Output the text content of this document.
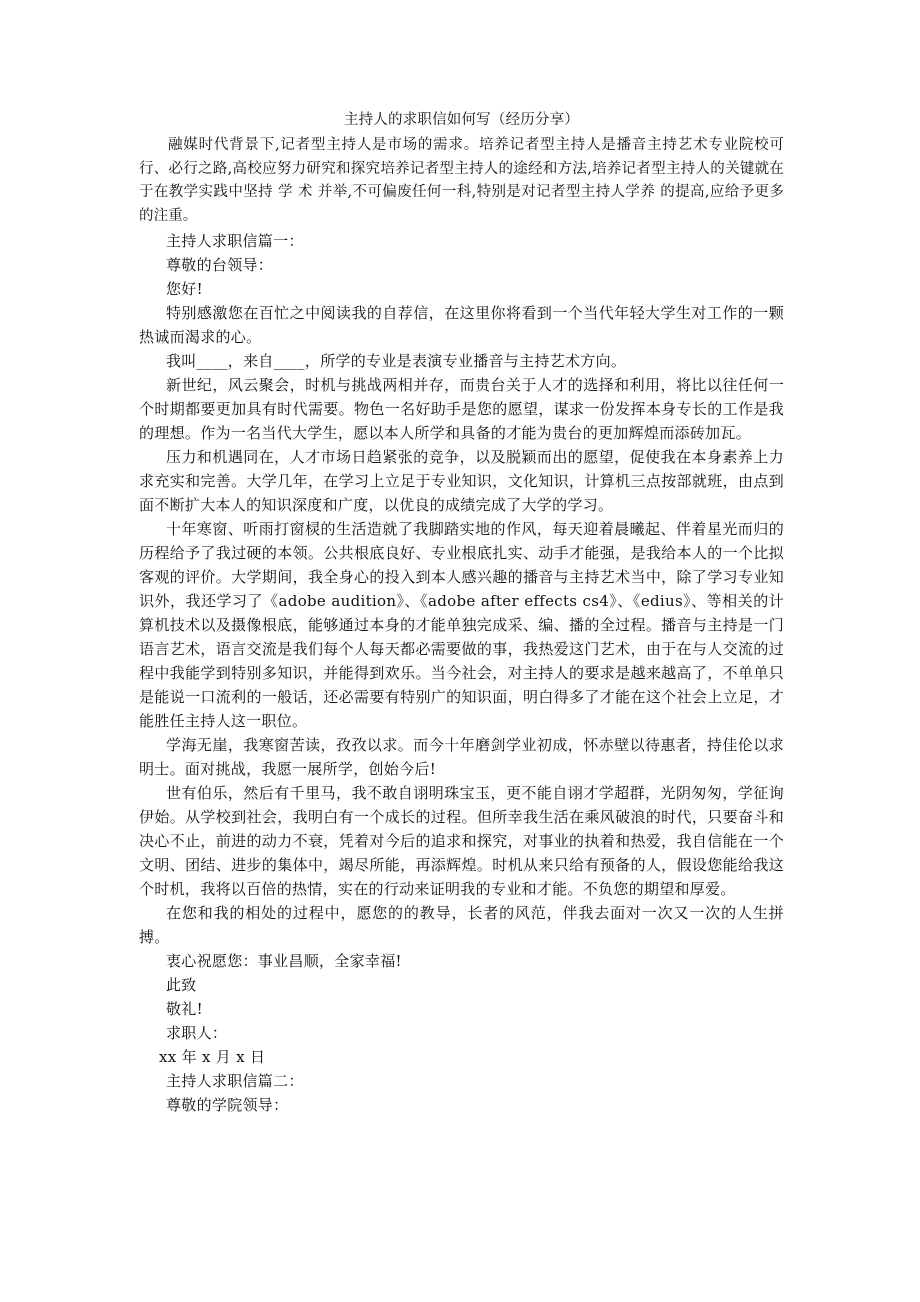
主持人的求职信如何写（经历分享）

融媒时代背景下,记者型主持人是市场的需求。培养记者型主持人是播音主持艺术专业院校可行、必行之路,高校应努力研究和探究培养记者型主持人的途经和方法,培养记者型主持人的关键就在于在教学实践中坚持 学 术 并举,不可偏废任何一科,特别是对记者型主持人学养 的提高,应给予更多的注重。

主持人求职信篇一：

尊敬的台领导：

您好!

特别感激您在百忙之中阅读我的自荐信，在这里你将看到一个当代年轻大学生对工作的一颗热诚而渴求的心。

我叫____，来自____，所学的专业是表演专业播音与主持艺术方向。

新世纪，风云聚会，时机与挑战两相并存，而贵台关于人才的选择和利用，将比以往任何一个时期都要更加具有时代需要。物色一名好助手是您的愿望，谋求一份发挥本身专长的工作是我的理想。作为一名当代大学生，愿以本人所学和具备的才能为贵台的更加辉煌而添砖加瓦。

压力和机遇同在，人才市场日趋紧张的竞争，以及脱颖而出的愿望，促使我在本身素养上力求充实和完善。大学几年，在学习上立足于专业知识，文化知识，计算机三点按部就班，由点到面不断扩大本人的知识深度和广度，以优良的成绩完成了大学的学习。

十年寒窗、听雨打窗棂的生活造就了我脚踏实地的作风，每天迎着晨曦起、伴着星光而归的历程给予了我过硬的本领。公共根底良好、专业根底扎实、动手才能强，是我给本人的一个比拟客观的评价。大学期间，我全身心的投入到本人感兴趣的播音与主持艺术当中，除了学习专业知识外，我还学习了《adobe audition》、《adobe after effects cs4》、《edius》、等相关的计算机技术以及摄像根底，能够通过本身的才能单独完成采、编、播的全过程。播音与主持是一门语言艺术，语言交流是我们每个人每天都必需要做的事，我热爱这门艺术，由于在与人交流的过程中我能学到特别多知识，并能得到欢乐。当今社会，对主持人的要求是越来越高了，不单单只是能说一口流利的一般话，还必需要有特别广的知识面，明白得多了才能在这个社会上立足，才能胜任主持人这一职位。

学海无崖，我寒窗苦读，孜孜以求。而今十年磨剑学业初成，怀赤壁以待惠者，持佳伦以求明士。面对挑战，我愿一展所学，创始今后!

世有伯乐，然后有千里马，我不敢自诩明珠宝玉，更不能自诩才学超群，光阴匆匆，学征询伊始。从学校到社会，我明白有一个成长的过程。但所幸我生活在乘风破浪的时代，只要奋斗和决心不止，前进的动力不衰，凭着对今后的追求和探究，对事业的执着和热爱，我自信能在一个文明、团结、进步的集体中，竭尽所能，再添辉煌。时机从来只给有预备的人，假设您能给我这个时机，我将以百倍的热情，实在的行动来证明我的专业和才能。不负您的期望和厚爱。

在您和我的相处的过程中，愿您的的教导，长者的风范，伴我去面对一次又一次的人生拼搏。

衷心祝愿您：事业昌顺，全家幸福!

此致

敬礼!

求职人：

xx 年 x 月 x 日

主持人求职信篇二：

尊敬的学院领导：
